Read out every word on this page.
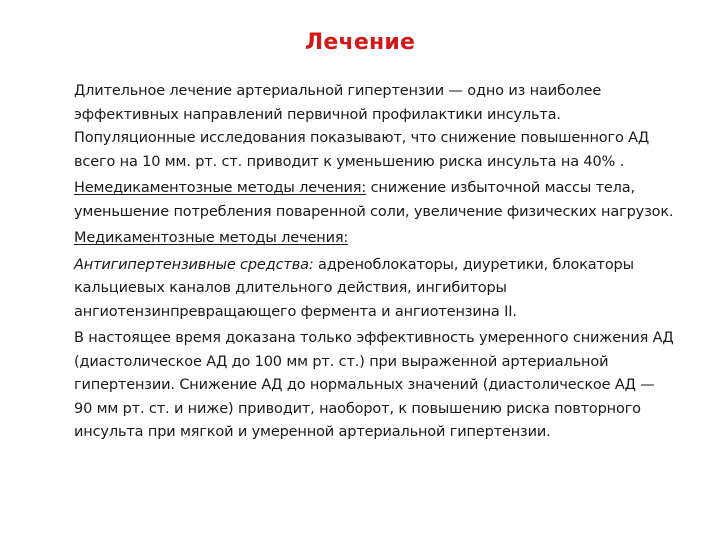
Лечение

Длительное лечение артериальной гипертензии — одно из наиболее эффективных направлений первичной профилактики инсульта. Популяционные исследования показывают, что снижение повышенного АД всего на 10 мм. рт. ст. приводит к уменьшению риска инсульта на 40% .

Немедикаментозные методы лечения: снижение избыточной массы тела, уменьшение потребления поваренной соли, увеличение физических нагрузок.

Медикаментозные методы лечения:

Антигипертензивные средства: адреноблокаторы, диуретики, блокаторы кальциевых каналов длительного действия, ингибиторы ангиотензинпревращающего фермента и ангиотензина II.

В настоящее время доказана только эффективность умеренного снижения АД (диастолическое АД до 100 мм рт. ст.) при выраженной артериальной гипертензии. Снижение АД до нормальных значений (диастолическое АД — 90 мм рт. ст. и ниже) приводит, наоборот, к повышению риска повторного инсульта при мягкой и умеренной артериальной гипертензии.
